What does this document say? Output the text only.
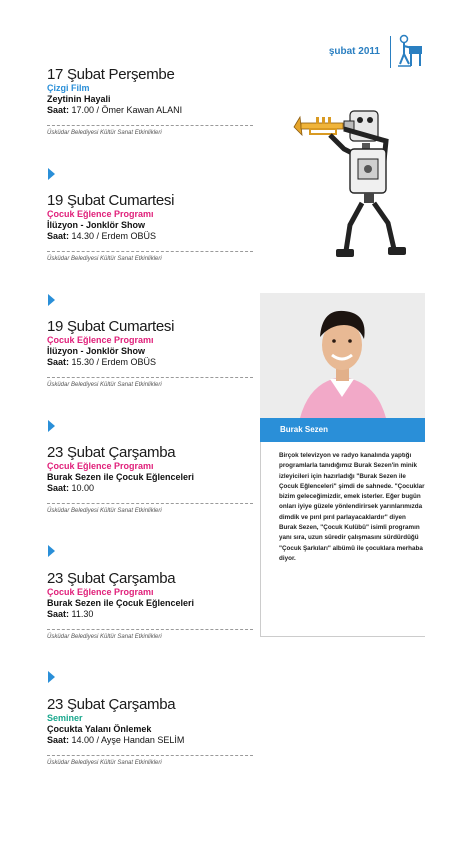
şubat 2011
17 Şubat Perşembe
Çizgi Film
Zeytinin Hayali
Saat: 17.00 / Ömer Kawan ALANI
Üsküdar Belediyesi Kültür Sanat Etkinlikleri
19 Şubat Cumartesi
Çocuk Eğlence Programı
İlüzyon - Jonklör Show
Saat: 14.30 / Erdem OBÜS
Üsküdar Belediyesi Kültür Sanat Etkinlikleri
19 Şubat Cumartesi
Çocuk Eğlence Programı
İlüzyon - Jonklör Show
Saat: 15.30 / Erdem OBÜS
Üsküdar Belediyesi Kültür Sanat Etkinlikleri
23 Şubat Çarşamba
Çocuk Eğlence Programı
Burak Sezen ile Çocuk Eğlenceleri
Saat: 10.00
Üsküdar Belediyesi Kültür Sanat Etkinlikleri
23 Şubat Çarşamba
Çocuk Eğlence Programı
Burak Sezen ile Çocuk Eğlenceleri
Saat: 11.30
Üsküdar Belediyesi Kültür Sanat Etkinlikleri
23 Şubat Çarşamba
Seminer
Çocukta Yalanı Önlemek
Saat: 14.00 / Ayşe Handan SELİM
Üsküdar Belediyesi Kültür Sanat Etkinlikleri
Burak Sezen
Birçok televizyon ve radyo kanalında yaptığı programlarla tanıdığımız Burak Sezen'in minik izleyicileri için hazırladığı "Burak Sezen ile Çocuk Eğlenceleri" şimdi de sahnede. "Çocuklar bizim geleceğimizdir, emek isterler. Eğer bugün onları iyiye güzele yönlendirirsek yarınlarımızda dimdik ve pırıl pırıl parlayacaklardır" diyen Burak Sezen, "Çocuk Kulübü" isimli programın yanı sıra, uzun süredir çalışmasını sürdürdüğü "Çocuk Şarkıları" albümü ile çocuklara merhaba diyor.
